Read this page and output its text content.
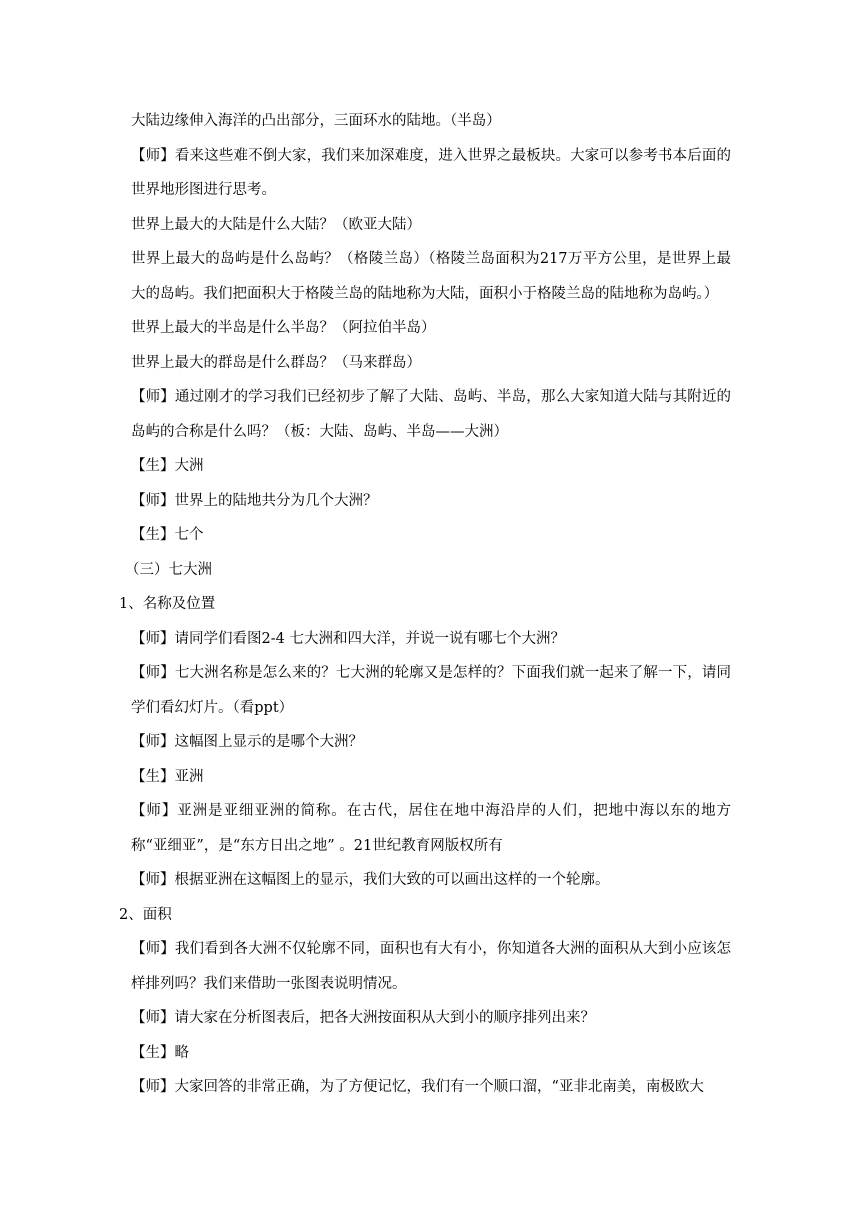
大陆边缘伸入海洋的凸出部分，三面环水的陆地。（半岛）

【师】看来这些难不倒大家，我们来加深难度，进入世界之最板块。大家可以参考书本后面的世界地形图进行思考。

世界上最大的大陆是什么大陆？（欧亚大陆）

世界上最大的岛屿是什么岛屿？（格陵兰岛）（格陵兰岛面积为217万平方公里，是世界上最大的岛屿。我们把面积大于格陵兰岛的陆地称为大陆，面积小于格陵兰岛的陆地称为岛屿。）

世界上最大的半岛是什么半岛？（阿拉伯半岛）

世界上最大的群岛是什么群岛？（马来群岛）

【师】通过刚才的学习我们已经初步了解了大陆、岛屿、半岛，那么大家知道大陆与其附近的岛屿的合称是什么吗？（板：大陆、岛屿、半岛——大洲）

【生】大洲

【师】世界上的陆地共分为几个大洲？

【生】七个

（三）七大洲

1、名称及位置

【师】请同学们看图2-4 七大洲和四大洋，并说一说有哪七个大洲？

【师】七大洲名称是怎么来的？七大洲的轮廓又是怎样的？下面我们就一起来了解一下，请同学们看幻灯片。（看ppt）

【师】这幅图上显示的是哪个大洲？

【生】亚洲

【师】亚洲是亚细亚洲的简称。在古代，居住在地中海沿岸的人们，把地中海以东的地方称“亚细亚”，是“东方日出之地” 。21世纪教育网版权所有

【师】根据亚洲在这幅图上的显示，我们大致的可以画出这样的一个轮廓。

2、面积

【师】我们看到各大洲不仅轮廓不同，面积也有大有小，你知道各大洲的面积从大到小应该怎样排列吗？我们来借助一张图表说明情况。

【师】请大家在分析图表后，把各大洲按面积从大到小的顺序排列出来？

【生】略

【师】大家回答的非常正确，为了方便记忆，我们有一个顺口溜，“亚非北南美，南极欧大
